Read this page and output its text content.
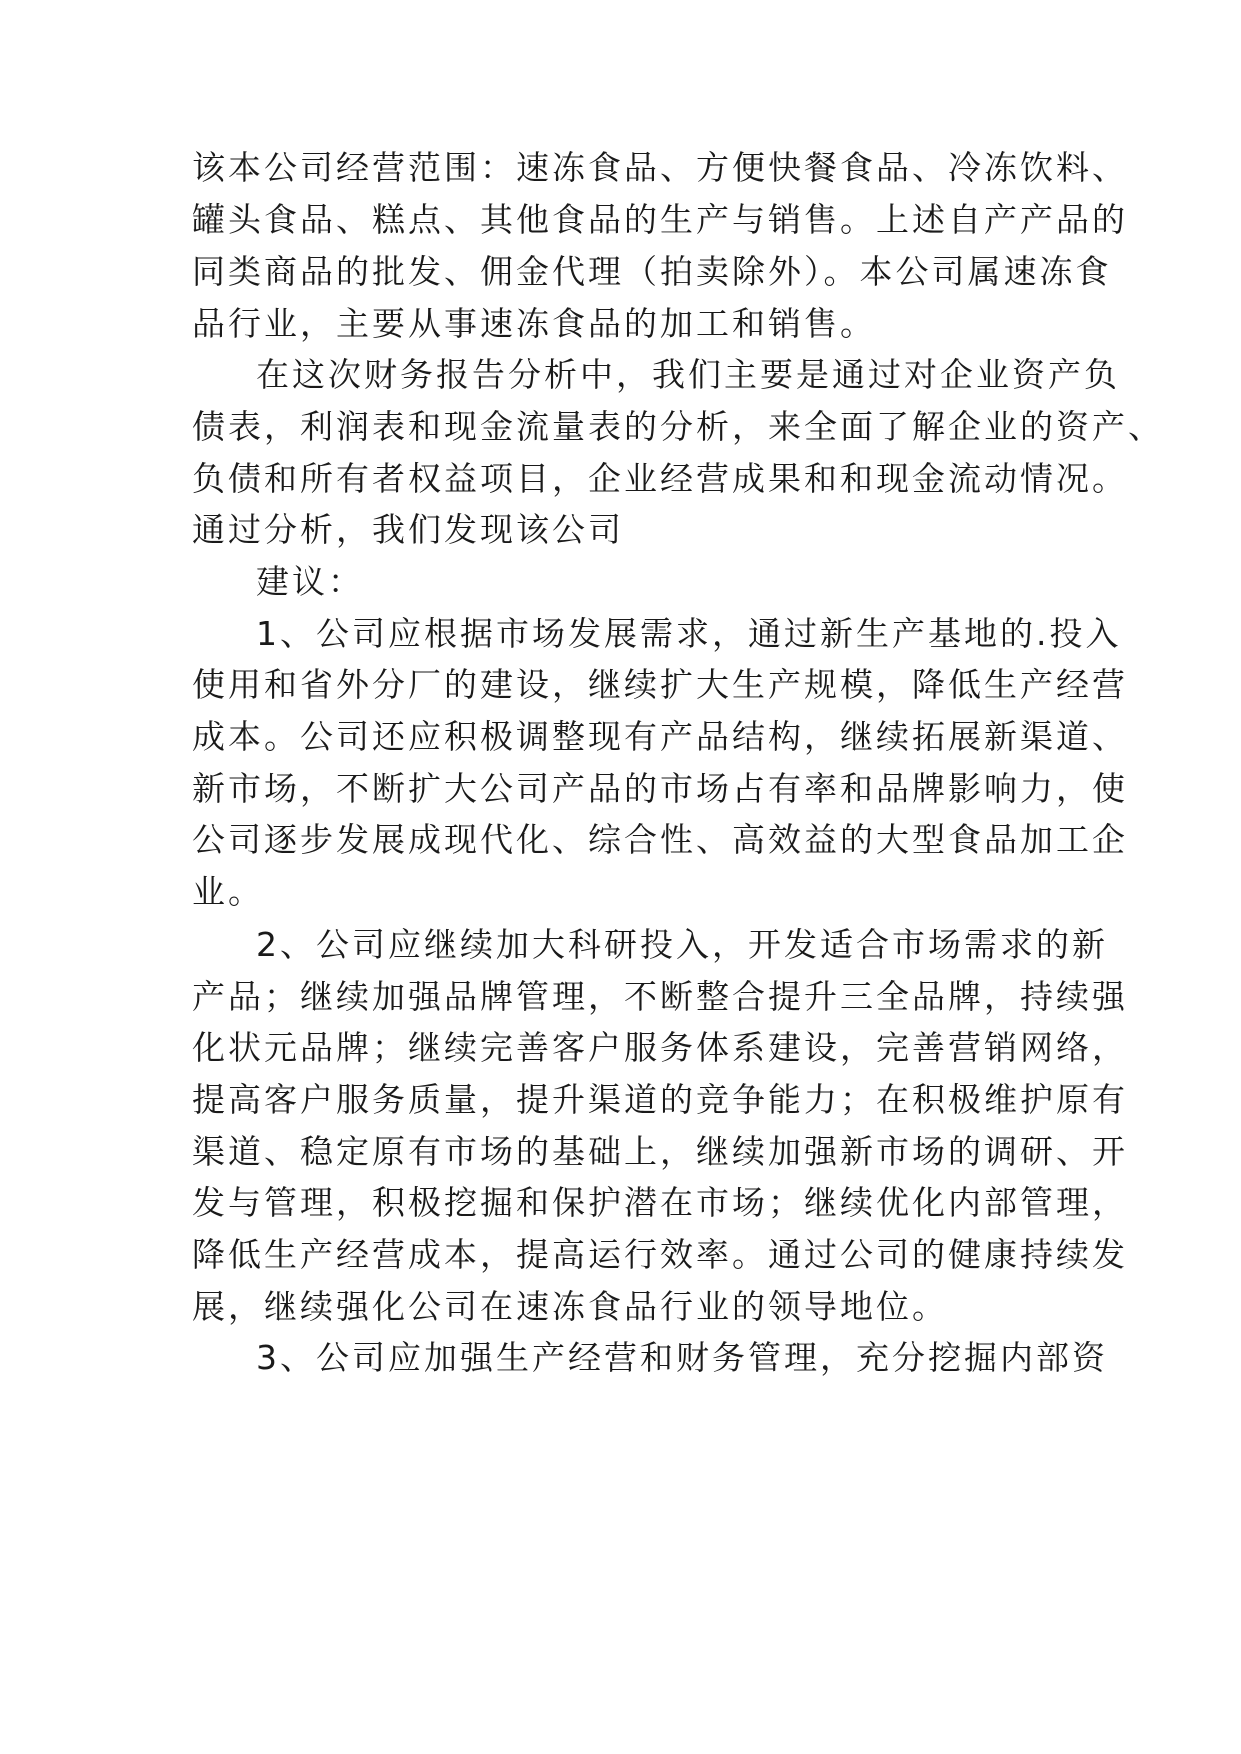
该本公司经营范围：速冻食品、方便快餐食品、冷冻饮料、
罐头食品、糕点、其他食品的生产与销售。上述自产产品的
同类商品的批发、佣金代理（拍卖除外）。本公司属速冻食
品行业，主要从事速冻食品的加工和销售。
在这次财务报告分析中，我们主要是通过对企业资产负
债表，利润表和现金流量表的分析，来全面了解企业的资产、
负债和所有者权益项目，企业经营成果和和现金流动情况。
通过分析，我们发现该公司
建议：
1、公司应根据市场发展需求，通过新生产基地的.投入
使用和省外分厂的建设，继续扩大生产规模，降低生产经营
成本。公司还应积极调整现有产品结构，继续拓展新渠道、
新市场，不断扩大公司产品的市场占有率和品牌影响力，使
公司逐步发展成现代化、综合性、高效益的大型食品加工企
业。
2、公司应继续加大科研投入，开发适合市场需求的新
产品；继续加强品牌管理，不断整合提升三全品牌，持续强
化状元品牌；继续完善客户服务体系建设，完善营销网络，
提高客户服务质量，提升渠道的竞争能力；在积极维护原有
渠道、稳定原有市场的基础上，继续加强新市场的调研、开
发与管理，积极挖掘和保护潜在市场；继续优化内部管理，
降低生产经营成本，提高运行效率。通过公司的健康持续发
展，继续强化公司在速冻食品行业的领导地位。
3、公司应加强生产经营和财务管理，充分挖掘内部资
